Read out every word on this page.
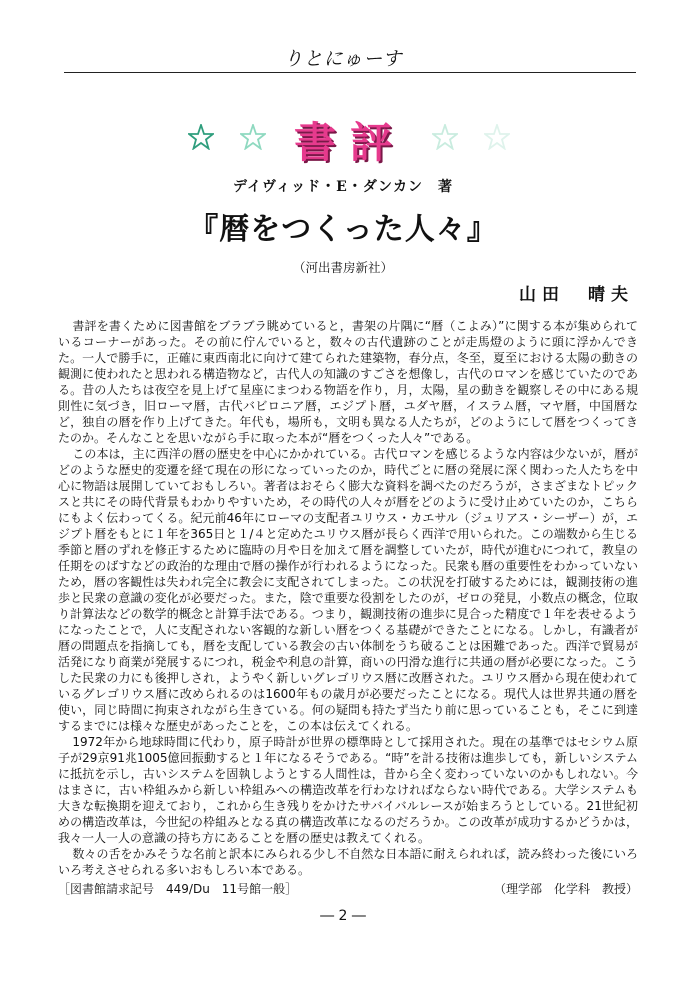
りとにゅーす
書評
デイヴィッド・E・ダンカン　著
『暦をつくった人々』
（河出書房新社）
山田　晴夫

書評を書くために図書館をブラブラ眺めていると，書架の片隅に“暦（こよみ）”に関する本が集められているコーナーがあった。その前に佇んでいると，数々の古代遺跡のことが走馬燈のように頭に浮かんできた。一人で勝手に，正確に東西南北に向けて建てられた建築物，春分点，冬至，夏至における太陽の動きの観測に使われたと思われる構造物など，古代人の知識のすごさを想像し，古代のロマンを感じていたのである。昔の人たちは夜空を見上げて星座にまつわる物語を作り，月，太陽，星の動きを観察しその中にある規則性に気づき，旧ローマ暦，古代バビロニア暦，エジプト暦，ユダヤ暦，イスラム暦，マヤ暦，中国暦など，独自の暦を作り上げてきた。年代も，場所も，文明も異なる人たちが，どのようにして暦をつくってきたのか。そんなことを思いながら手に取った本が“暦をつくった人々”である。

この本は，主に西洋の暦の歴史を中心にかかれている。古代ロマンを感じるような内容は少ないが，暦がどのような歴史的変遷を経て現在の形になっていったのか，時代ごとに暦の発展に深く関わった人たちを中心に物語は展開していておもしろい。著者はおそらく膨大な資料を調べたのだろうが，さまざまなトピックスと共にその時代背景もわかりやすいため，その時代の人々が暦をどのように受け止めていたのか，こちらにもよく伝わってくる。紀元前46年にローマの支配者ユリウス・カエサル（ジュリアス・シーザー）が，エジプト暦をもとに１年を365日と１/４と定めたユリウス暦が長らく西洋で用いられた。この端数から生じる季節と暦のずれを修正するために臨時の月や日を加えて暦を調整していたが，時代が進むにつれて，教皇の任期をのばすなどの政治的な理由で暦の操作が行われるようになった。民衆も暦の重要性をわかっていないため，暦の客観性は失われ完全に教会に支配されてしまった。この状況を打破するためには，観測技術の進歩と民衆の意識の変化が必要だった。また，陰で重要な役割をしたのが，ゼロの発見，小数点の概念，位取り計算法などの数学的概念と計算手法である。つまり，観測技術の進歩に見合った精度で１年を表せるようになったことで，人に支配されない客観的な新しい暦をつくる基礎ができたことになる。しかし，有識者が暦の問題点を指摘しても，暦を支配している教会の古い体制をうち破ることは困難であった。西洋で貿易が活発になり商業が発展するにつれ，税金や利息の計算，商いの円滑な進行に共通の暦が必要になった。こうした民衆の力にも後押しされ，ようやく新しいグレゴリウス暦に改暦された。ユリウス暦から現在使われているグレゴリウス暦に改められるのは1600年もの歳月が必要だったことになる。現代人は世界共通の暦を使い，同じ時間に拘束されながら生きている。何の疑問も持たず当たり前に思っていることも，そこに到達するまでには様々な歴史があったことを，この本は伝えてくれる。

1972年から地球時間に代わり，原子時計が世界の標準時として採用された。現在の基準ではセシウム原子が29京91兆1005億回振動すると１年になるそうである。“時”を計る技術は進歩しても，新しいシステムに抵抗を示し，古いシステムを固執しようとする人間性は，昔から全く変わっていないのかもしれない。今はまさに，古い枠組みから新しい枠組みへの構造改革を行わなければならない時代である。大学システムも大きな転換期を迎えており，これから生き残りをかけたサバイバルレースが始まろうとしている。21世紀初めの構造改革は，今世紀の枠組みとなる真の構造改革になるのだろうか。この改革が成功するかどうかは，我々一人一人の意識の持ち方にあることを暦の歴史は教えてくれる。

数々の舌をかみそうな名前と訳本にみられる少し不自然な日本語に耐えられれば，読み終わった後にいろいろ考えさせられる多いおもしろい本である。

［図書館請求記号　449/Du　11号館一般］	（理学部　化学科　教授）
― 2 ―
